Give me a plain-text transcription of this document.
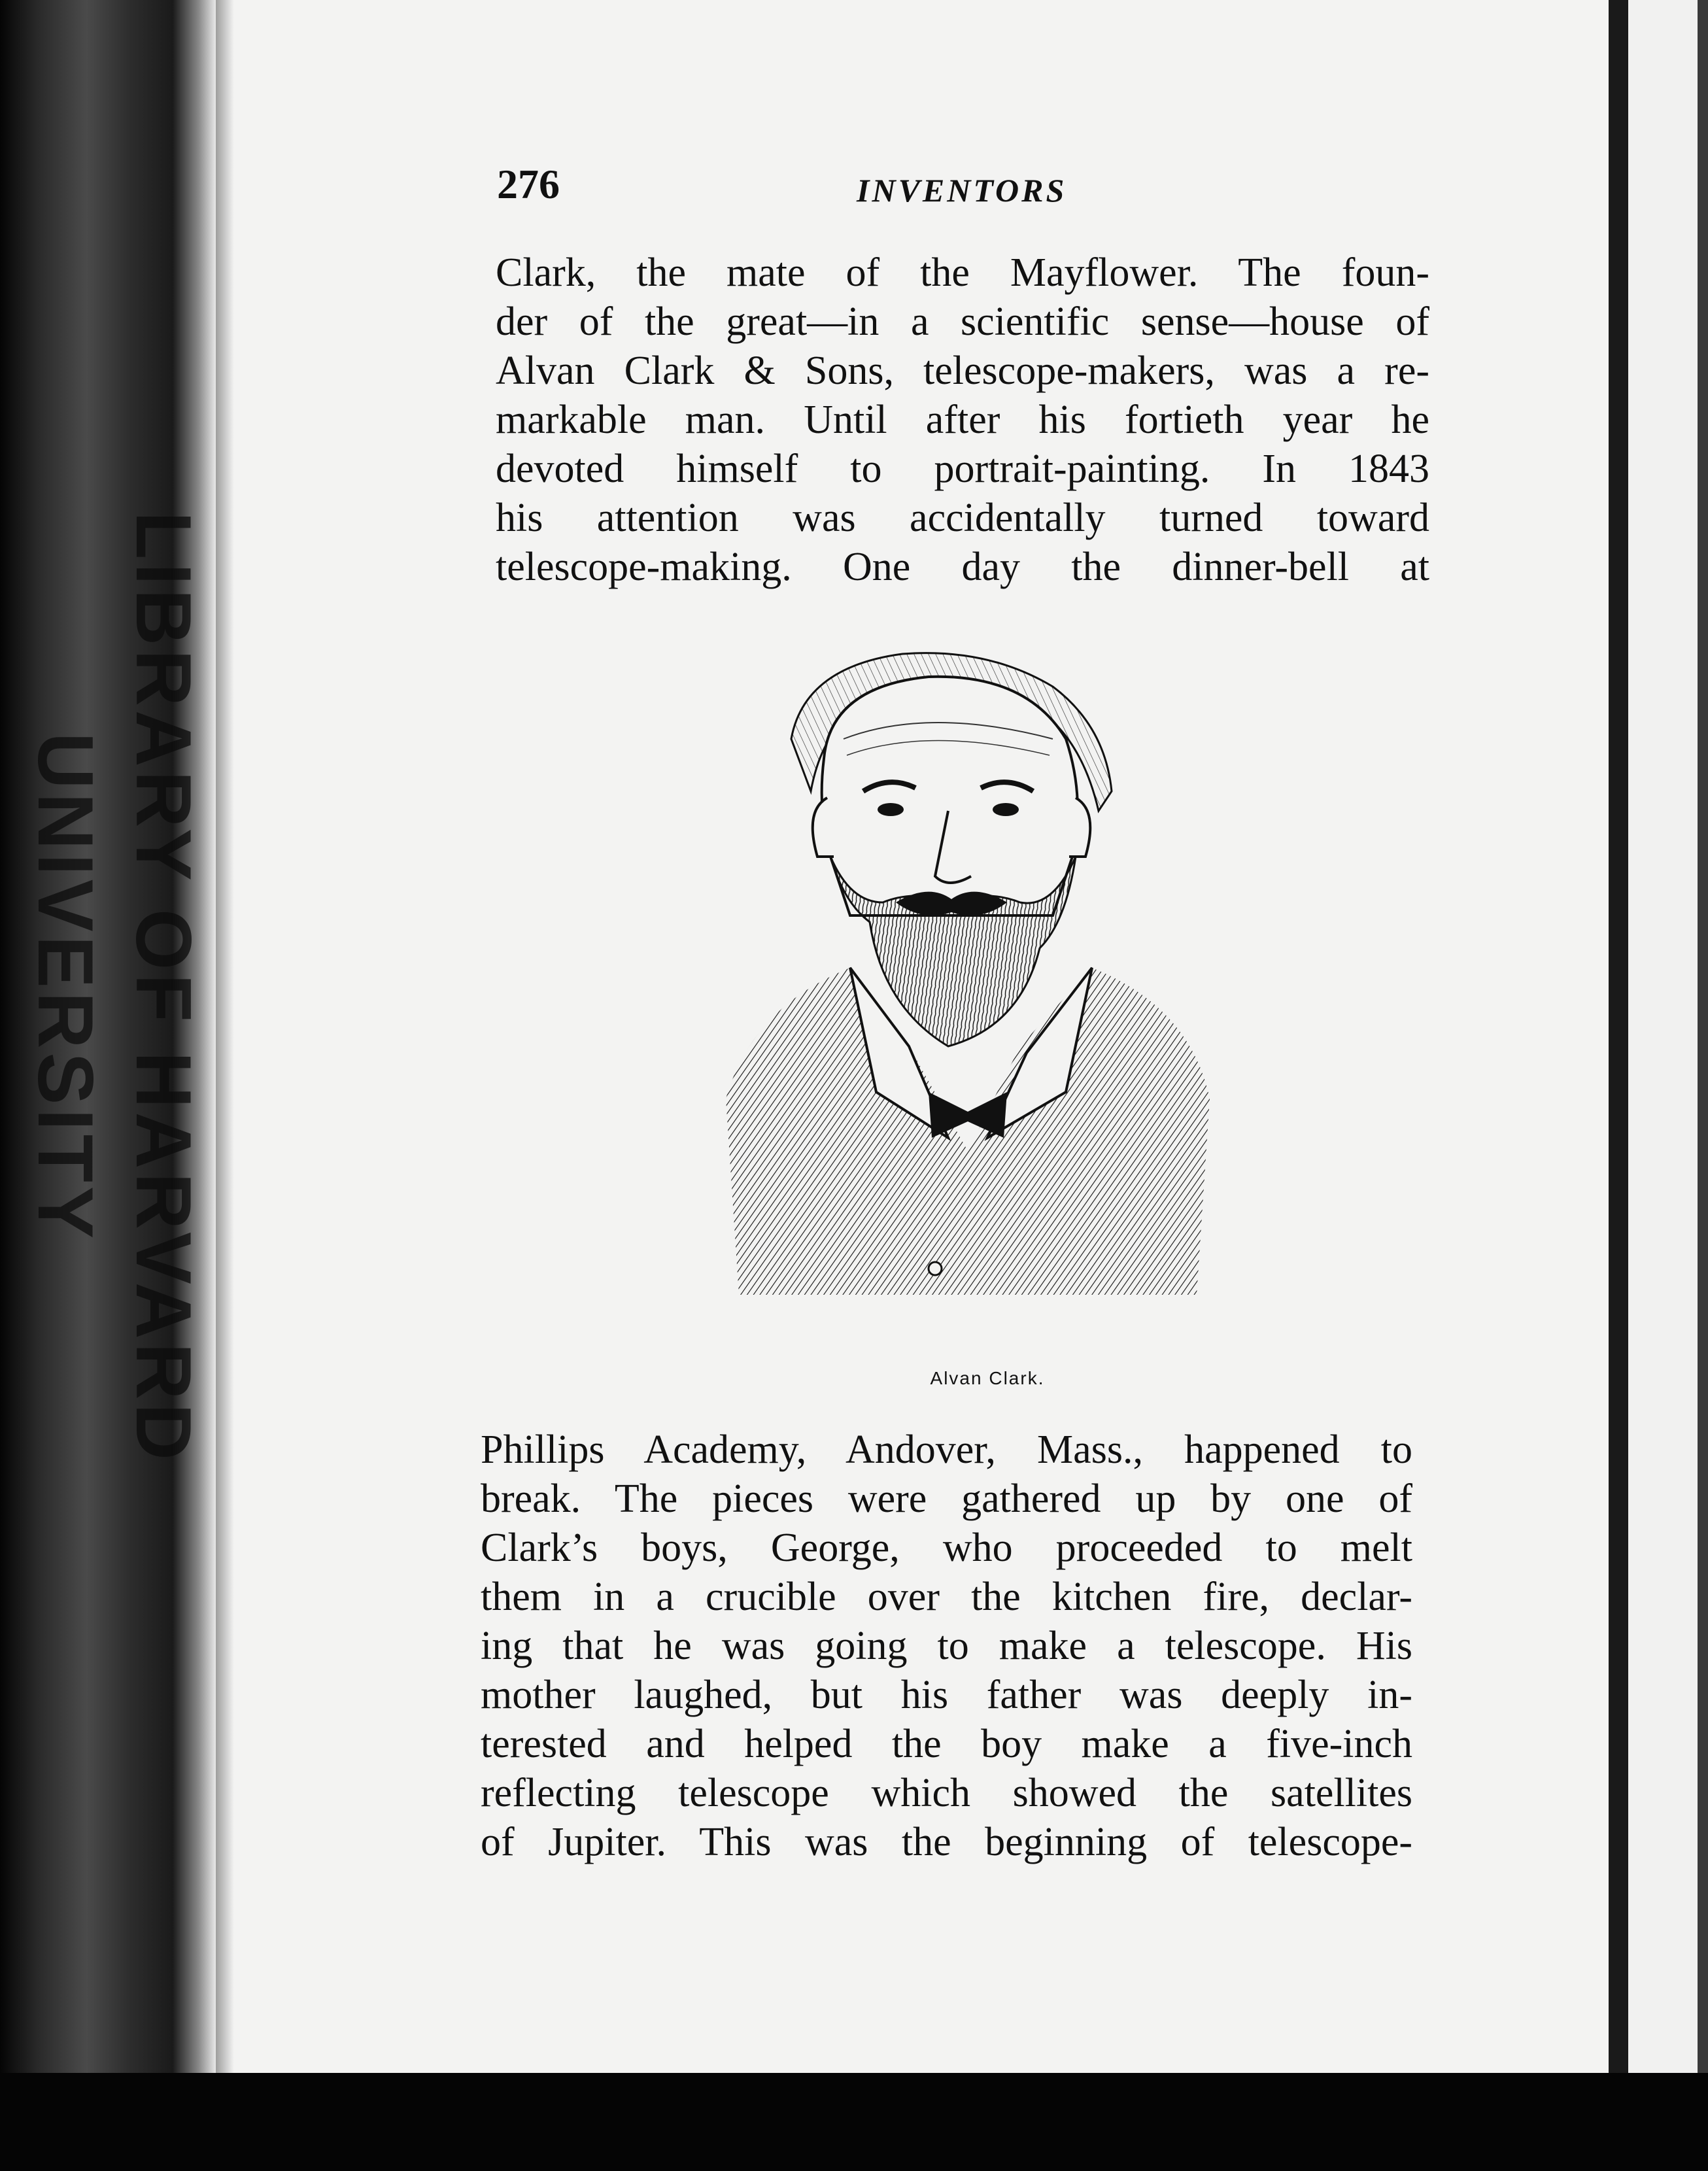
LIBRARY OF HARVARD UNIVERSITY
276	INVENTORS

Clark, the mate of the Mayflower. The foun-
der of the great—in a scientific sense—house of
Alvan Clark & Sons, telescope-makers, was a re-
markable man. Until after his fortieth year he
devoted himself to portrait-painting. In 1843
his attention was accidentally turned toward
telescope-making. One day the dinner-bell at

Alvan Clark.

Phillips Academy, Andover, Mass., happened to
break. The pieces were gathered up by one of
Clark’s boys, George, who proceeded to melt
them in a crucible over the kitchen fire, declar-
ing that he was going to make a telescope. His
mother laughed, but his father was deeply in-
terested and helped the boy make a five-inch
reflecting telescope which showed the satellites
of Jupiter. This was the beginning of telescope-
